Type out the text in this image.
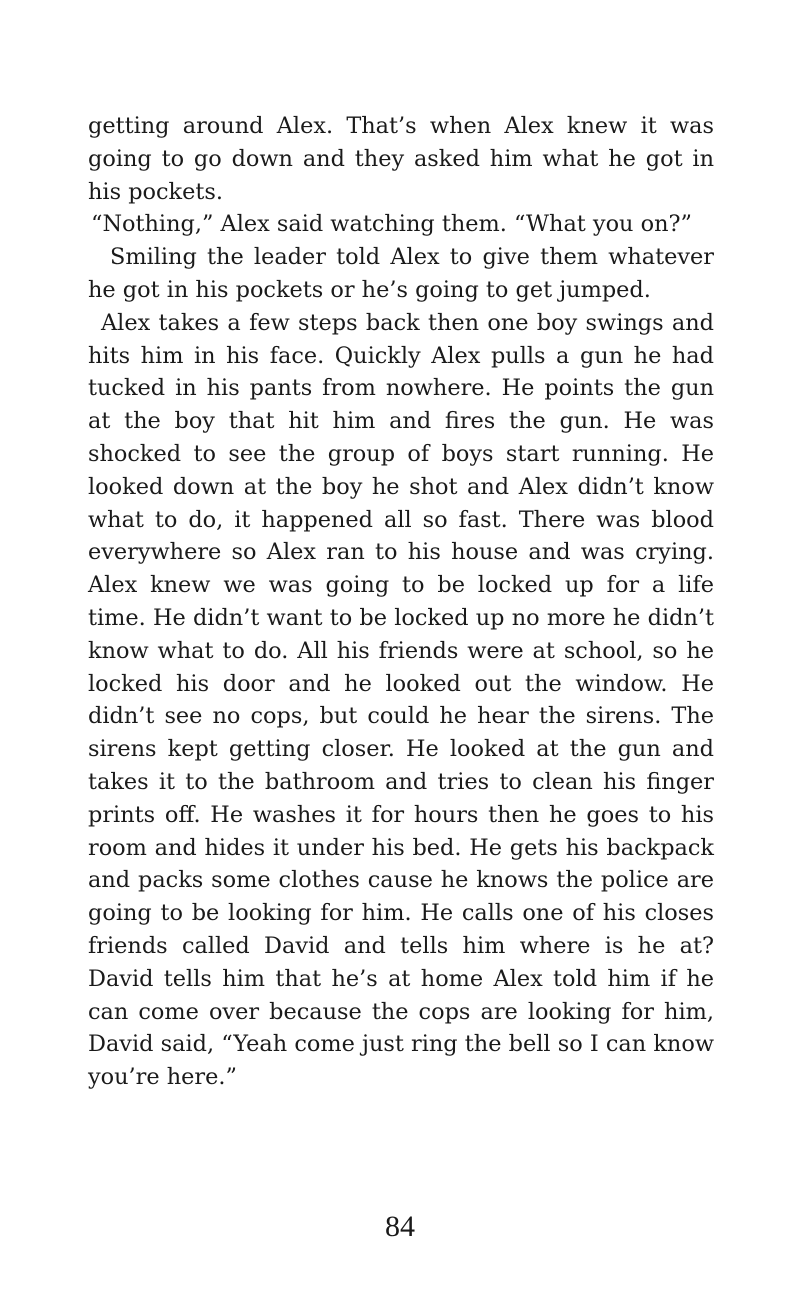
getting around Alex. That’s when Alex knew it was going to go down and they asked him what he got in his pockets.

“Nothing,” Alex said watching them. “What you on?”

Smiling the leader told Alex to give them whatever he got in his pockets or he’s going to get jumped.

Alex takes a few steps back then one boy swings and hits him in his face. Quickly Alex pulls a gun he had tucked in his pants from nowhere. He points the gun at the boy that hit him and fires the gun. He was shocked to see the group of boys start running. He looked down at the boy he shot and Alex didn’t know what to do, it happened all so fast. There was blood everywhere so Alex ran to his house and was crying. Alex knew we was going to be locked up for a life time. He didn’t want to be locked up no more he didn’t know what to do. All his friends were at school, so he locked his door and he looked out the window. He didn’t see no cops, but could he hear the sirens. The sirens kept getting closer. He looked at the gun and takes it to the bathroom and tries to clean his finger prints off. He washes it for hours then he goes to his room and hides it under his bed. He gets his backpack and packs some clothes cause he knows the police are going to be looking for him. He calls one of his closes friends called David and tells him where is he at? David tells him that he’s at home Alex told him if he can come over because the cops are looking for him, David said, “Yeah come just ring the bell so I can know you’re here.”

84
